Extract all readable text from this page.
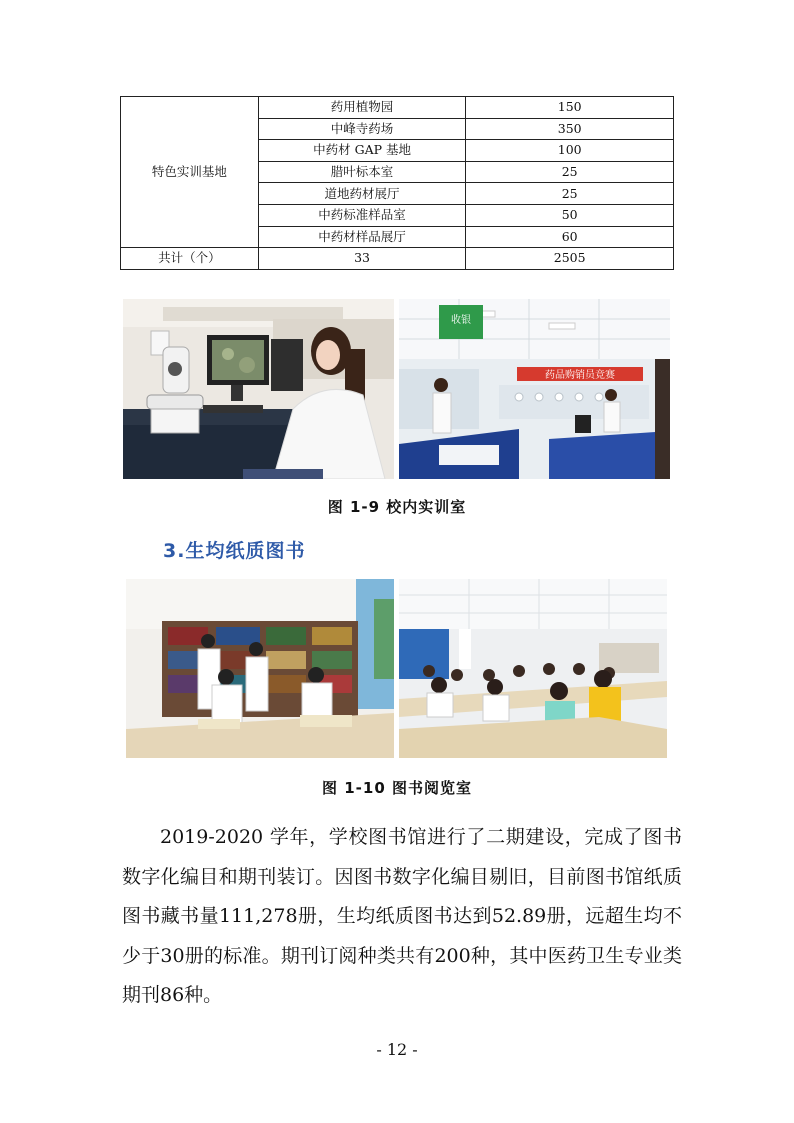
特色实训基地	药用植物园	150
	中峰寺药场	350
	中药材 GAP 基地	100
	腊叶标本室	25
	道地药材展厅	25
	中药标准样品室	50
	中药材样品展厅	60
共计（个）	33	2505
收银
药品购销员竞赛
图 1-9 校内实训室
3.生均纸质图书
图 1-10 图书阅览室

2019-2020 学年，学校图书馆进行了二期建设，完成了图书数字化编目和期刊装订。因图书数字化编目剔旧，目前图书馆纸质图书藏书量111,278册，生均纸质图书达到52.89册，远超生均不少于30册的标准。期刊订阅种类共有200种，其中医药卫生专业类期刊86种。

- 12 -
